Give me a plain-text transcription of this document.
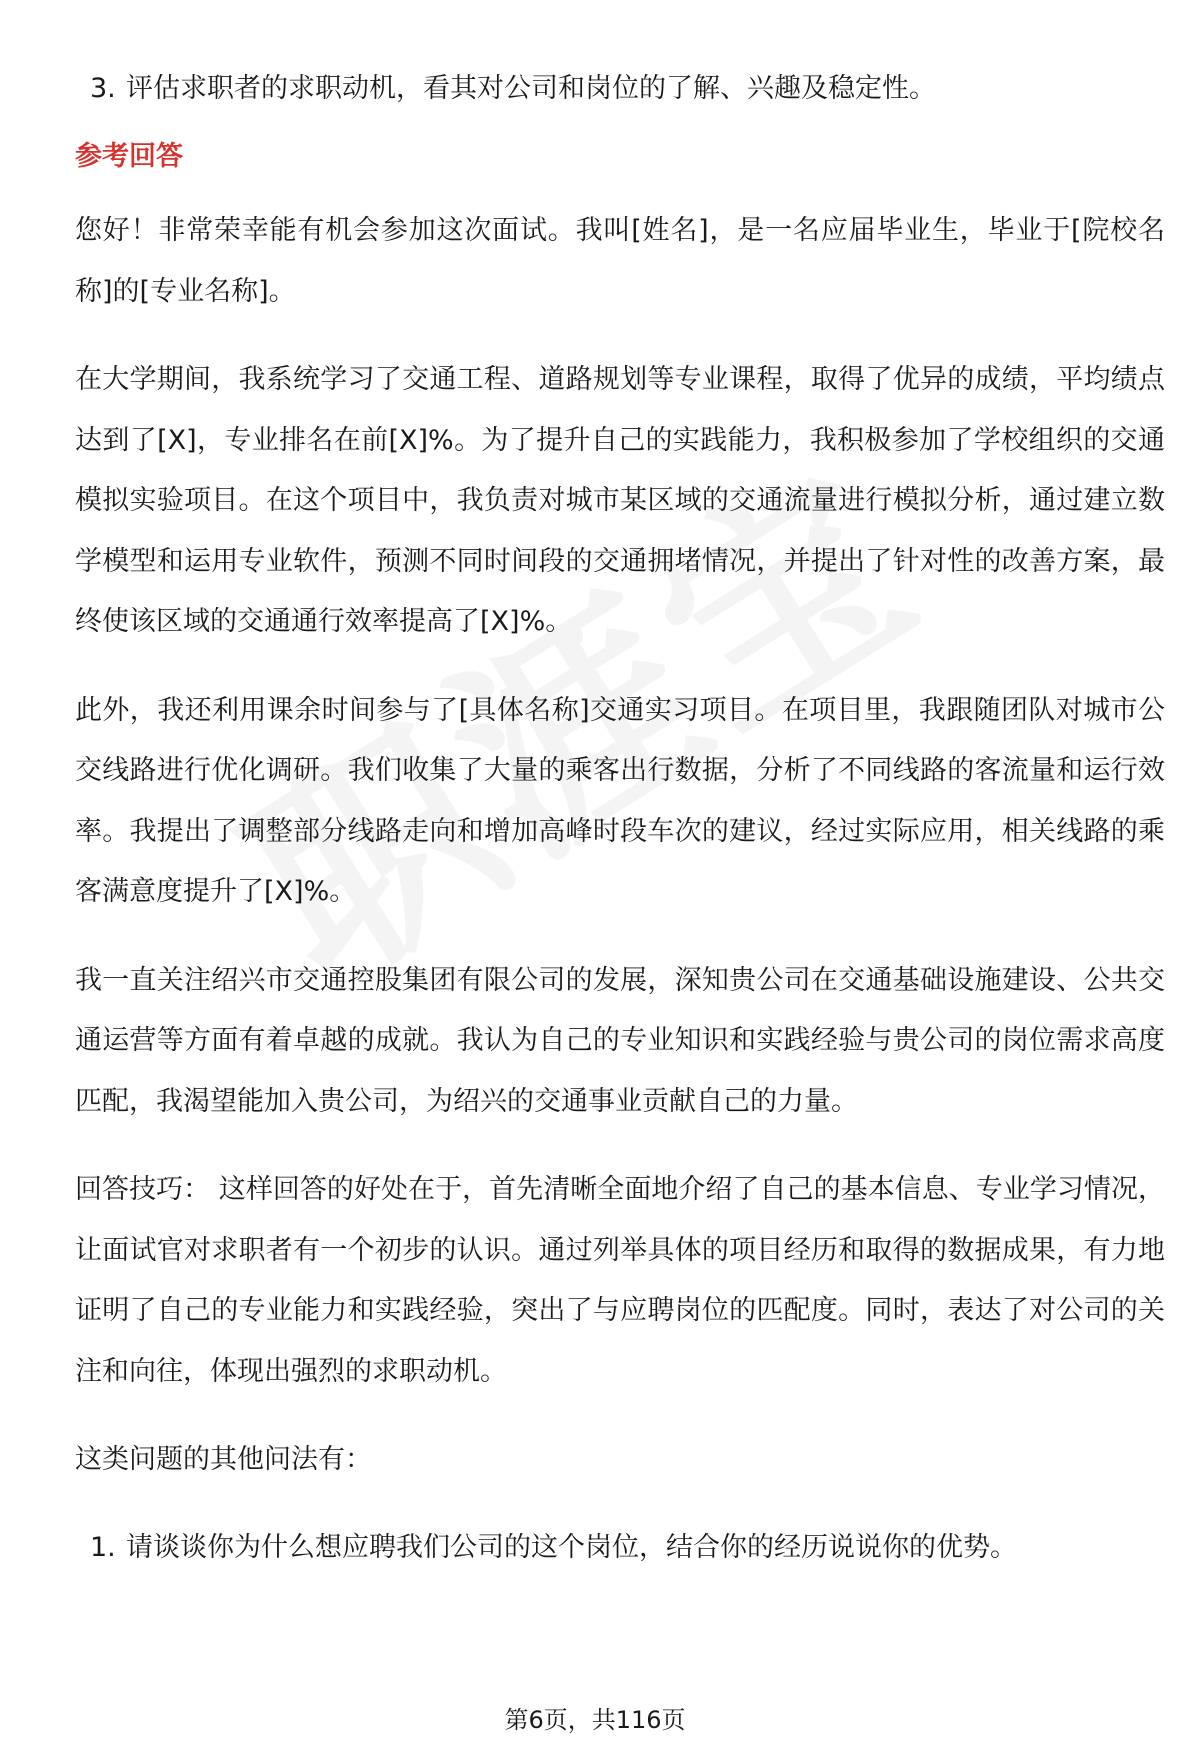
3. 评估求职者的求职动机，看其对公司和岗位的了解、兴趣及稳定性。

参考回答

您好！非常荣幸能有机会参加这次面试。我叫[姓名]，是一名应届毕业生，毕业于[院校名称]的[专业名称]。

在大学期间，我系统学习了交通工程、道路规划等专业课程，取得了优异的成绩，平均绩点达到了[X]，专业排名在前[X]%。为了提升自己的实践能力，我积极参加了学校组织的交通模拟实验项目。在这个项目中，我负责对城市某区域的交通流量进行模拟分析，通过建立数学模型和运用专业软件，预测不同时间段的交通拥堵情况，并提出了针对性的改善方案，最终使该区域的交通通行效率提高了[X]%。

此外，我还利用课余时间参与了[具体名称]交通实习项目。在项目里，我跟随团队对城市公交线路进行优化调研。我们收集了大量的乘客出行数据，分析了不同线路的客流量和运行效率。我提出了调整部分线路走向和增加高峰时段车次的建议，经过实际应用，相关线路的乘客满意度提升了[X]%。

我一直关注绍兴市交通控股集团有限公司的发展，深知贵公司在交通基础设施建设、公共交通运营等方面有着卓越的成就。我认为自己的专业知识和实践经验与贵公司的岗位需求高度匹配，我渴望能加入贵公司，为绍兴的交通事业贡献自己的力量。

回答技巧： 这样回答的好处在于，首先清晰全面地介绍了自己的基本信息、专业学习情况，让面试官对求职者有一个初步的认识。通过列举具体的项目经历和取得的数据成果，有力地证明了自己的专业能力和实践经验，突出了与应聘岗位的匹配度。同时，表达了对公司的关注和向往，体现出强烈的求职动机。

这类问题的其他问法有：

1. 请谈谈你为什么想应聘我们公司的这个岗位，结合你的经历说说你的优势。

第6页，共116页
